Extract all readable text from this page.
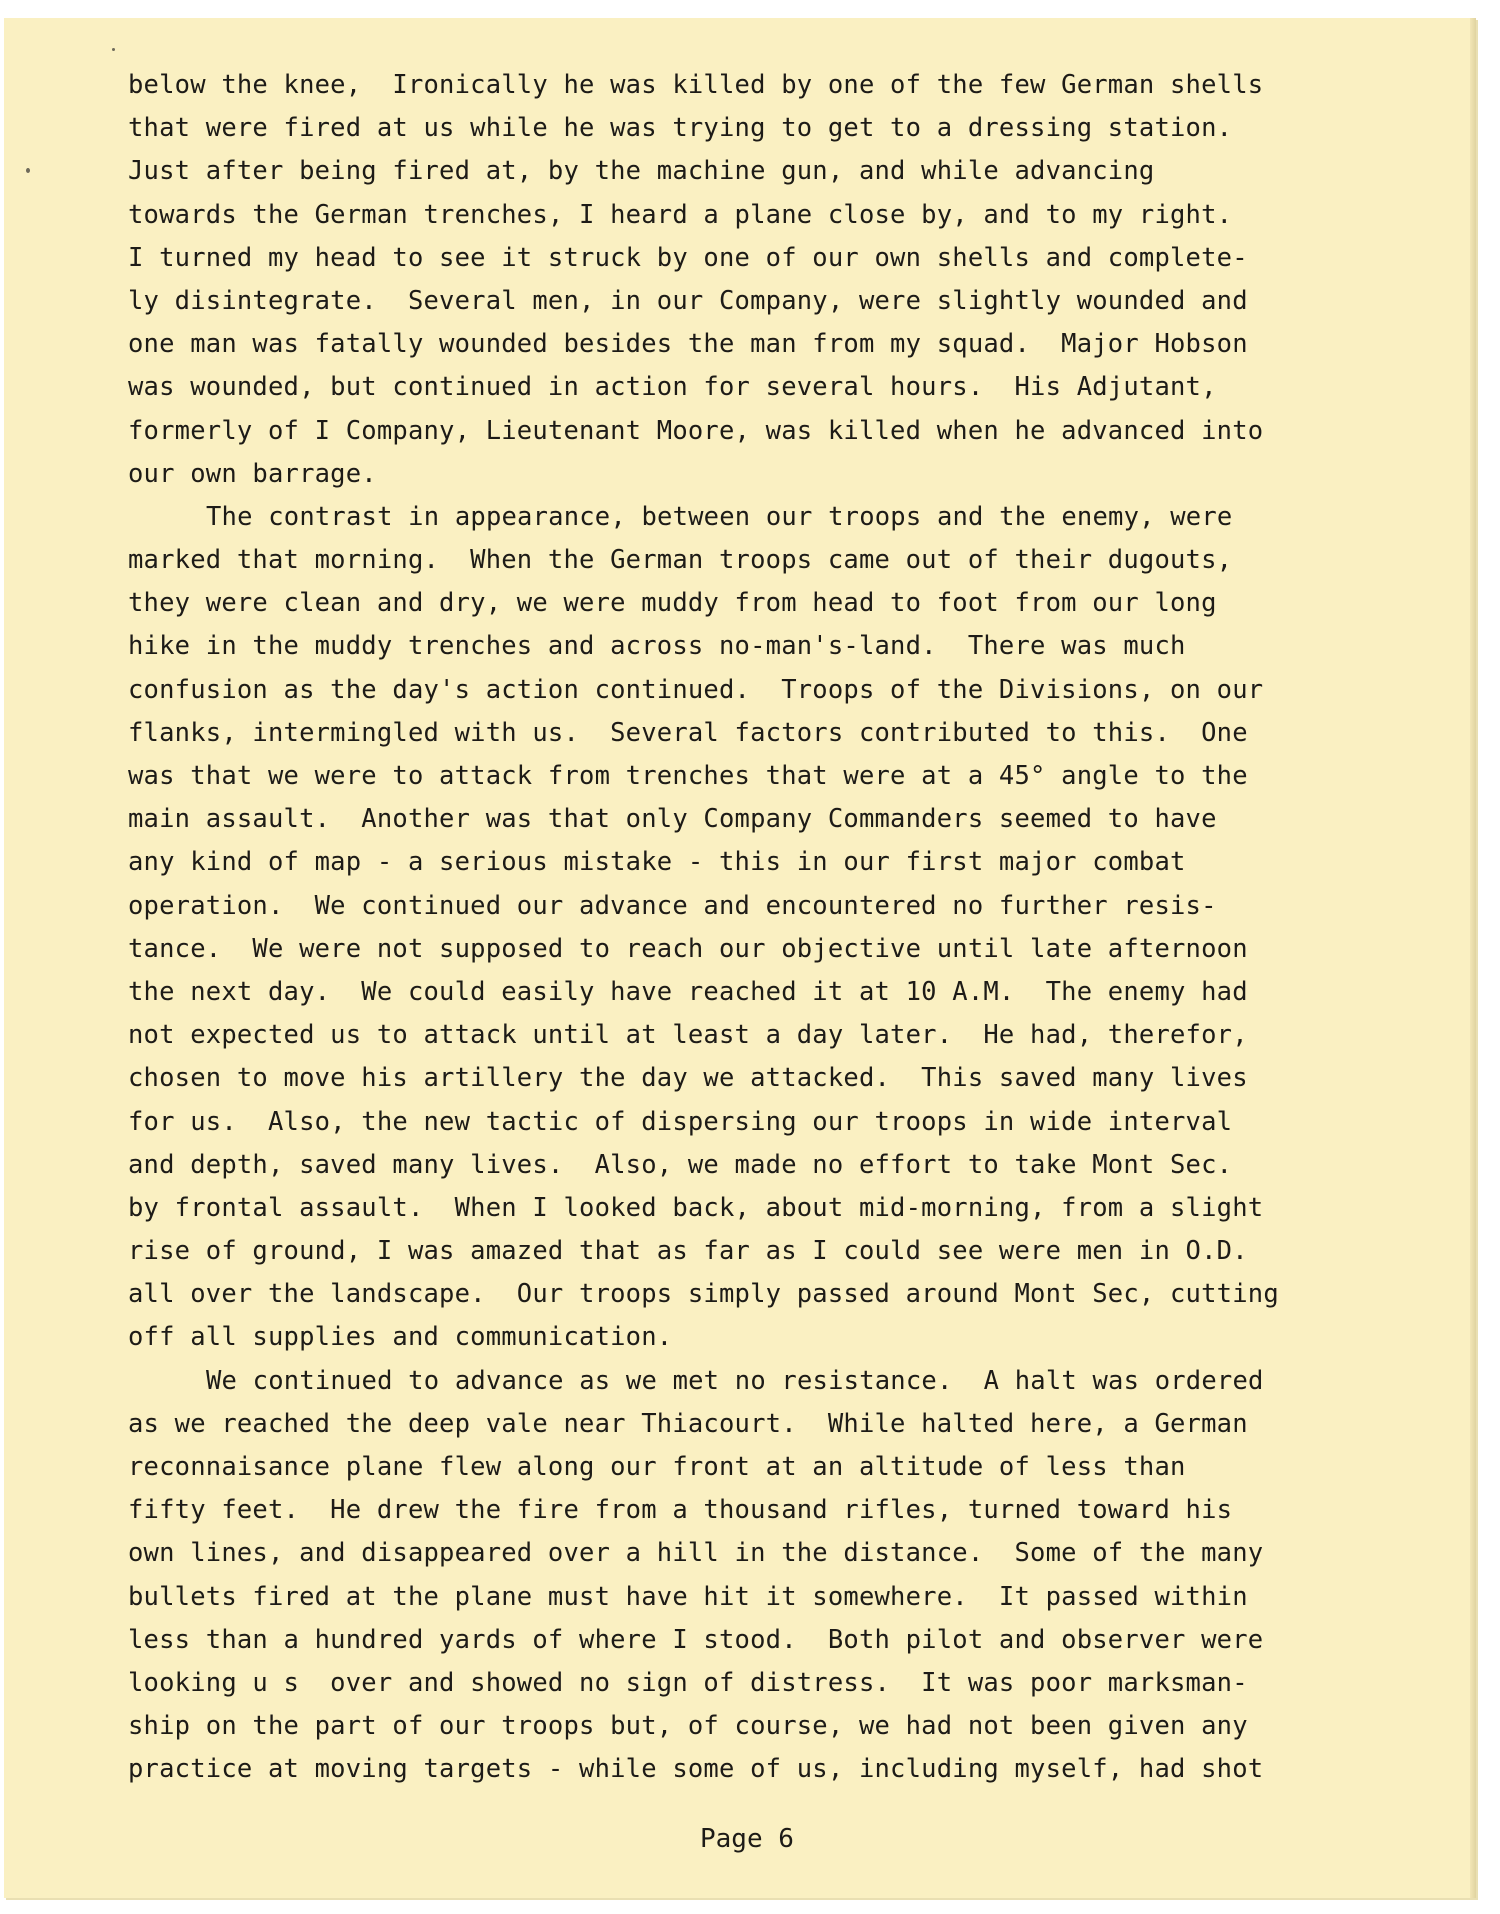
below the knee,  Ironically he was killed by one of the few German shells
that were fired at us while he was trying to get to a dressing station.
Just after being fired at, by the machine gun, and while advancing
towards the German trenches, I heard a plane close by, and to my right.
I turned my head to see it struck by one of our own shells and complete-
ly disintegrate.  Several men, in our Company, were slightly wounded and
one man was fatally wounded besides the man from my squad.  Major Hobson
was wounded, but continued in action for several hours.  His Adjutant,
formerly of I Company, Lieutenant Moore, was killed when he advanced into
our own barrage.
The contrast in appearance, between our troops and the enemy, were
marked that morning.  When the German troops came out of their dugouts,
they were clean and dry, we were muddy from head to foot from our long
hike in the muddy trenches and across no-man's-land.  There was much
confusion as the day's action continued.  Troops of the Divisions, on our
flanks, intermingled with us.  Several factors contributed to this.  One
was that we were to attack from trenches that were at a 45° angle to the
main assault.  Another was that only Company Commanders seemed to have
any kind of map - a serious mistake - this in our first major combat
operation.  We continued our advance and encountered no further resis-
tance.  We were not supposed to reach our objective until late afternoon
the next day.  We could easily have reached it at 10 A.M.  The enemy had
not expected us to attack until at least a day later.  He had, therefor,
chosen to move his artillery the day we attacked.  This saved many lives
for us.  Also, the new tactic of dispersing our troops in wide interval
and depth, saved many lives.  Also, we made no effort to take Mont Sec.
by frontal assault.  When I looked back, about mid-morning, from a slight
rise of ground, I was amazed that as far as I could see were men in O.D.
all over the landscape.  Our troops simply passed around Mont Sec, cutting
off all supplies and communication.
We continued to advance as we met no resistance.  A halt was ordered
as we reached the deep vale near Thiacourt.  While halted here, a German
reconnaisance plane flew along our front at an altitude of less than
fifty feet.  He drew the fire from a thousand rifles, turned toward his
own lines, and disappeared over a hill in the distance.  Some of the many
bullets fired at the plane must have hit it somewhere.  It passed within
less than a hundred yards of where I stood.  Both pilot and observer were
looking u s  over and showed no sign of distress.  It was poor marksman-
ship on the part of our troops but, of course, we had not been given any
practice at moving targets - while some of us, including myself, had shot
Page 6
